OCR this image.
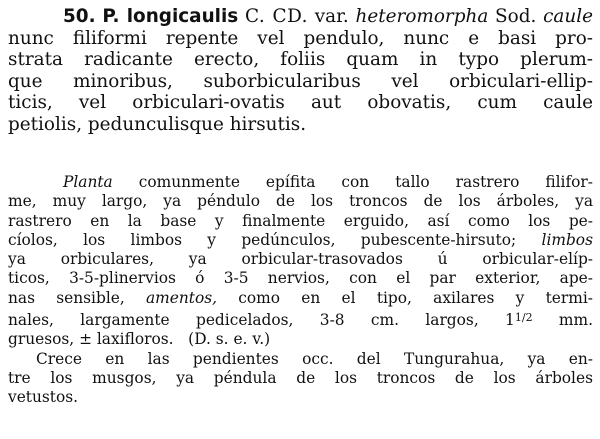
50. P. longicaulis C. CD. var. heteromorpha Sod. caule
nunc filiformi repente vel pendulo, nunc e basi pro-
strata radicante erecto, foliis quam in typo plerum-
que minoribus, suborbicularibus vel orbiculari-ellip-
ticis, vel orbiculari-ovatis aut obovatis, cum caule
petiolis, pedunculisque hirsutis.
Planta comunmente epífita con tallo rastrero filifor-
me, muy largo, ya péndulo de los troncos de los árboles, ya
rastrero en la base y finalmente erguido, así como los pe-
cíolos, los limbos y pedúnculos, pubescente-hirsuto; limbos
ya orbiculares, ya orbicular-trasovados ú orbicular-elíp-
ticos, 3-5-plinervios ó 3-5 nervios, con el par exterior, ape-
nas sensible, amentos, como en el tipo, axilares y termi-
nales, largamente pedicelados, 3-8 cm. largos, $1^{1/2}$ mm.
gruesos, ± laxifloros.   (D. s. e. v.)
Crece en las pendientes occ. del Tungurahua, ya en-
tre los musgos, ya péndula de los troncos de los árboles
vetustos.
